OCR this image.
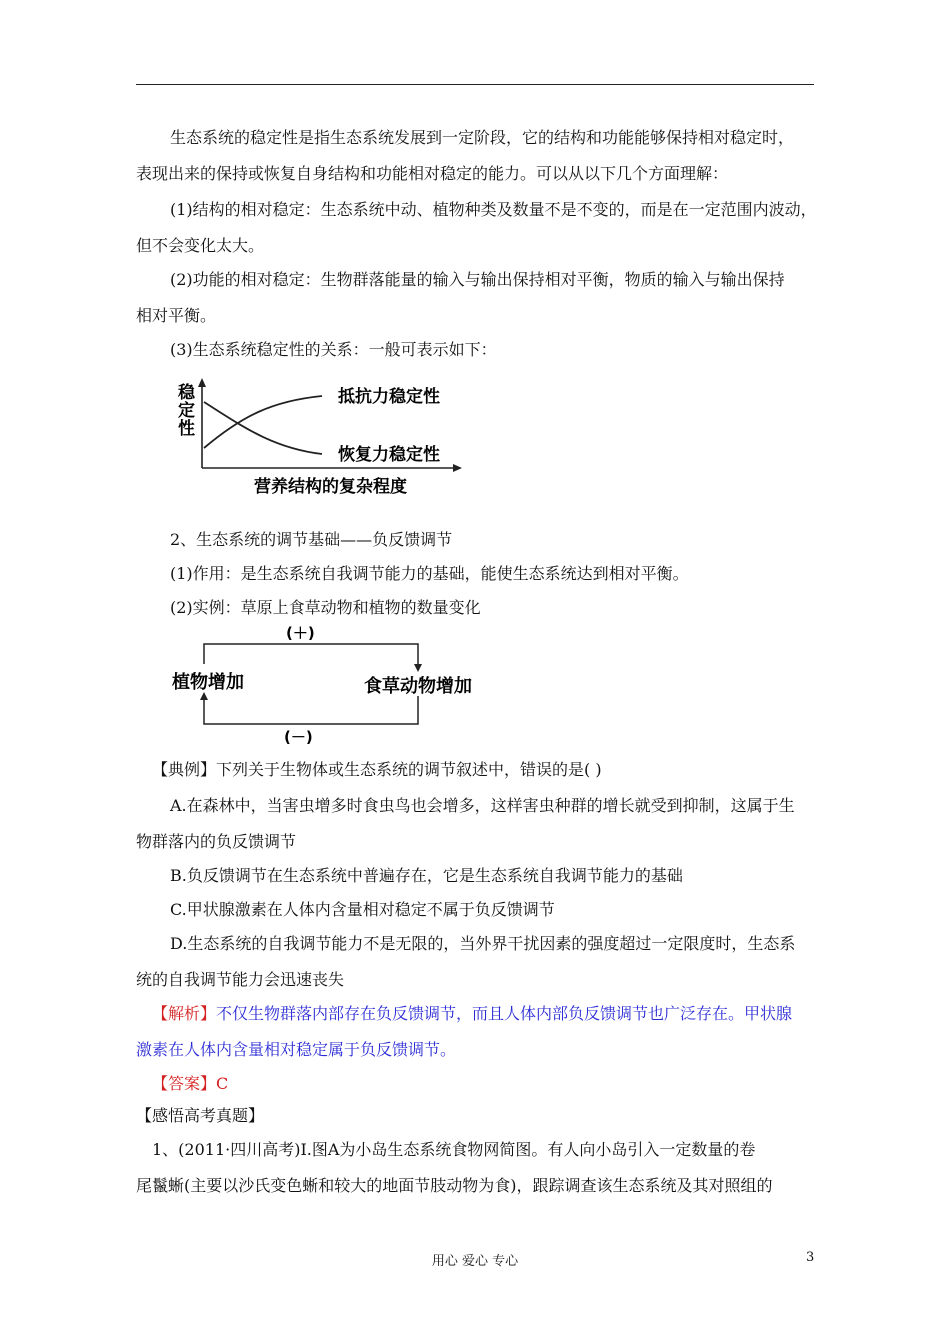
生态系统的稳定性是指生态系统发展到一定阶段，它的结构和功能能够保持相对稳定时，
表现出来的保持或恢复自身结构和功能相对稳定的能力。可以从以下几个方面理解：
(1)结构的相对稳定：生态系统中动、植物种类及数量不是不变的，而是在一定范围内波动，
但不会变化太大。
(2)功能的相对稳定：生物群落能量的输入与输出保持相对平衡，物质的输入与输出保持
相对平衡。
(3)生态系统稳定性的关系：一般可表示如下：
稳
定
性
抵抗力稳定性
恢复力稳定性
营养结构的复杂程度
2、生态系统的调节基础——负反馈调节
(1)作用：是生态系统自我调节能力的基础，能使生态系统达到相对平衡。
(2)实例：草原上食草动物和植物的数量变化
(＋)
(－)
植物增加	食草动物增加
【典例】下列关于生物体或生态系统的调节叙述中，错误的是( )
A.在森林中，当害虫增多时食虫鸟也会增多，这样害虫种群的增长就受到抑制，这属于生
物群落内的负反馈调节
B.负反馈调节在生态系统中普遍存在，它是生态系统自我调节能力的基础
C.甲状腺激素在人体内含量相对稳定不属于负反馈调节
D.生态系统的自我调节能力不是无限的，当外界干扰因素的强度超过一定限度时，生态系
统的自我调节能力会迅速丧失
【解析】不仅生物群落内部存在负反馈调节，而且人体内部负反馈调节也广泛存在。甲状腺
激素在人体内含量相对稳定属于负反馈调节。
【答案】C
【感悟高考真题】
1、(2011·四川高考)I.图A为小岛生态系统食物网简图。有人向小岛引入一定数量的卷
尾鬣蜥(主要以沙氏变色蜥和较大的地面节肢动物为食)，跟踪调查该生态系统及其对照组的
用心 爱心 专心	3
